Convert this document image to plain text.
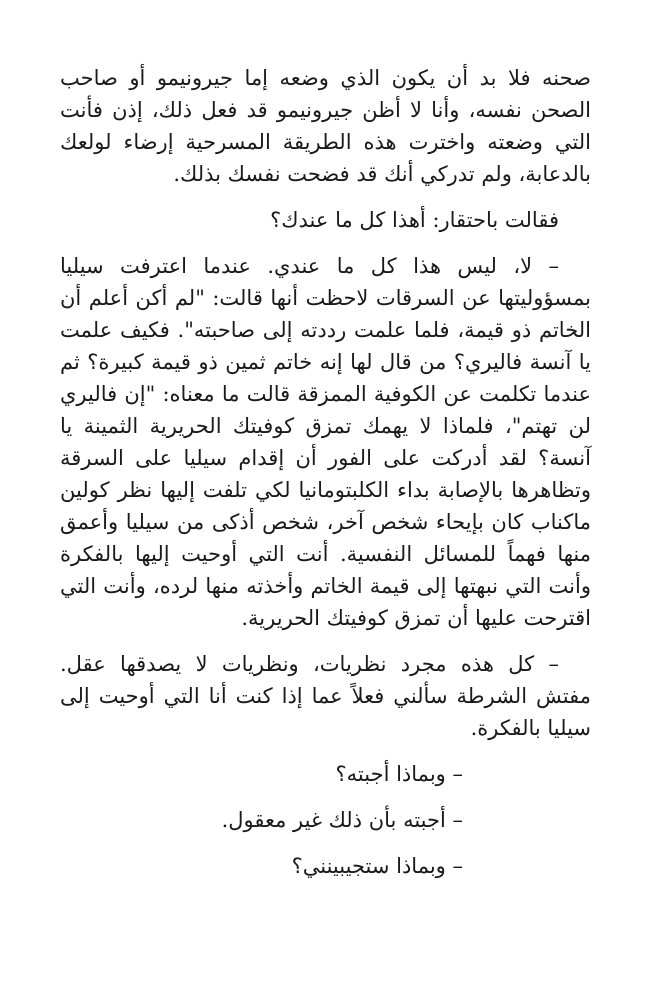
صحنه فلا بد أن يكون الذي وضعه إما جيرونيمو أو صاحب الصحن نفسه، وأنا لا أظن جيرونيمو قد فعل ذلك، إذن فأنت التي وضعته واخترت هذه الطريقة المسرحية إرضاء لولعك بالدعابة، ولم تدركي أنك قد فضحت نفسك بذلك.

فقالت باحتقار: أهذا كل ما عندك؟

– لا، ليس هذا كل ما عندي. عندما اعترفت سيليا بمسؤوليتها عن السرقات لاحظت أنها قالت: "لم أكن أعلم أن الخاتم ذو قيمة، فلما علمت رددته إلى صاحبته". فكيف علمت يا آنسة فاليري؟ من قال لها إنه خاتم ثمين ذو قيمة كبيرة؟ ثم عندما تكلمت عن الكوفية الممزقة قالت ما معناه: "إن فاليري لن تهتم"، فلماذا لا يهمك تمزق كوفيتك الحريرية الثمينة يا آنسة؟ لقد أدركت على الفور أن إقدام سيليا على السرقة وتظاهرها بالإصابة بداء الكلبتومانيا لكي تلفت إليها نظر كولين ماكناب كان بإيحاء شخص آخر، شخص أذكى من سيليا وأعمق منها فهماً للمسائل النفسية. أنت التي أوحيت إليها بالفكرة وأنت التي نبهتها إلى قيمة الخاتم وأخذته منها لرده، وأنت التي اقترحت عليها أن تمزق كوفيتك الحريرية.

– كل هذه مجرد نظريات، ونظريات لا يصدقها عقل. مفتش الشرطة سألني فعلاً عما إذا كنت أنا التي أوحيت إلى سيليا بالفكرة.

– وبماذا أجبته؟

– أجبته بأن ذلك غير معقول.

– وبماذا ستجيبينني؟
